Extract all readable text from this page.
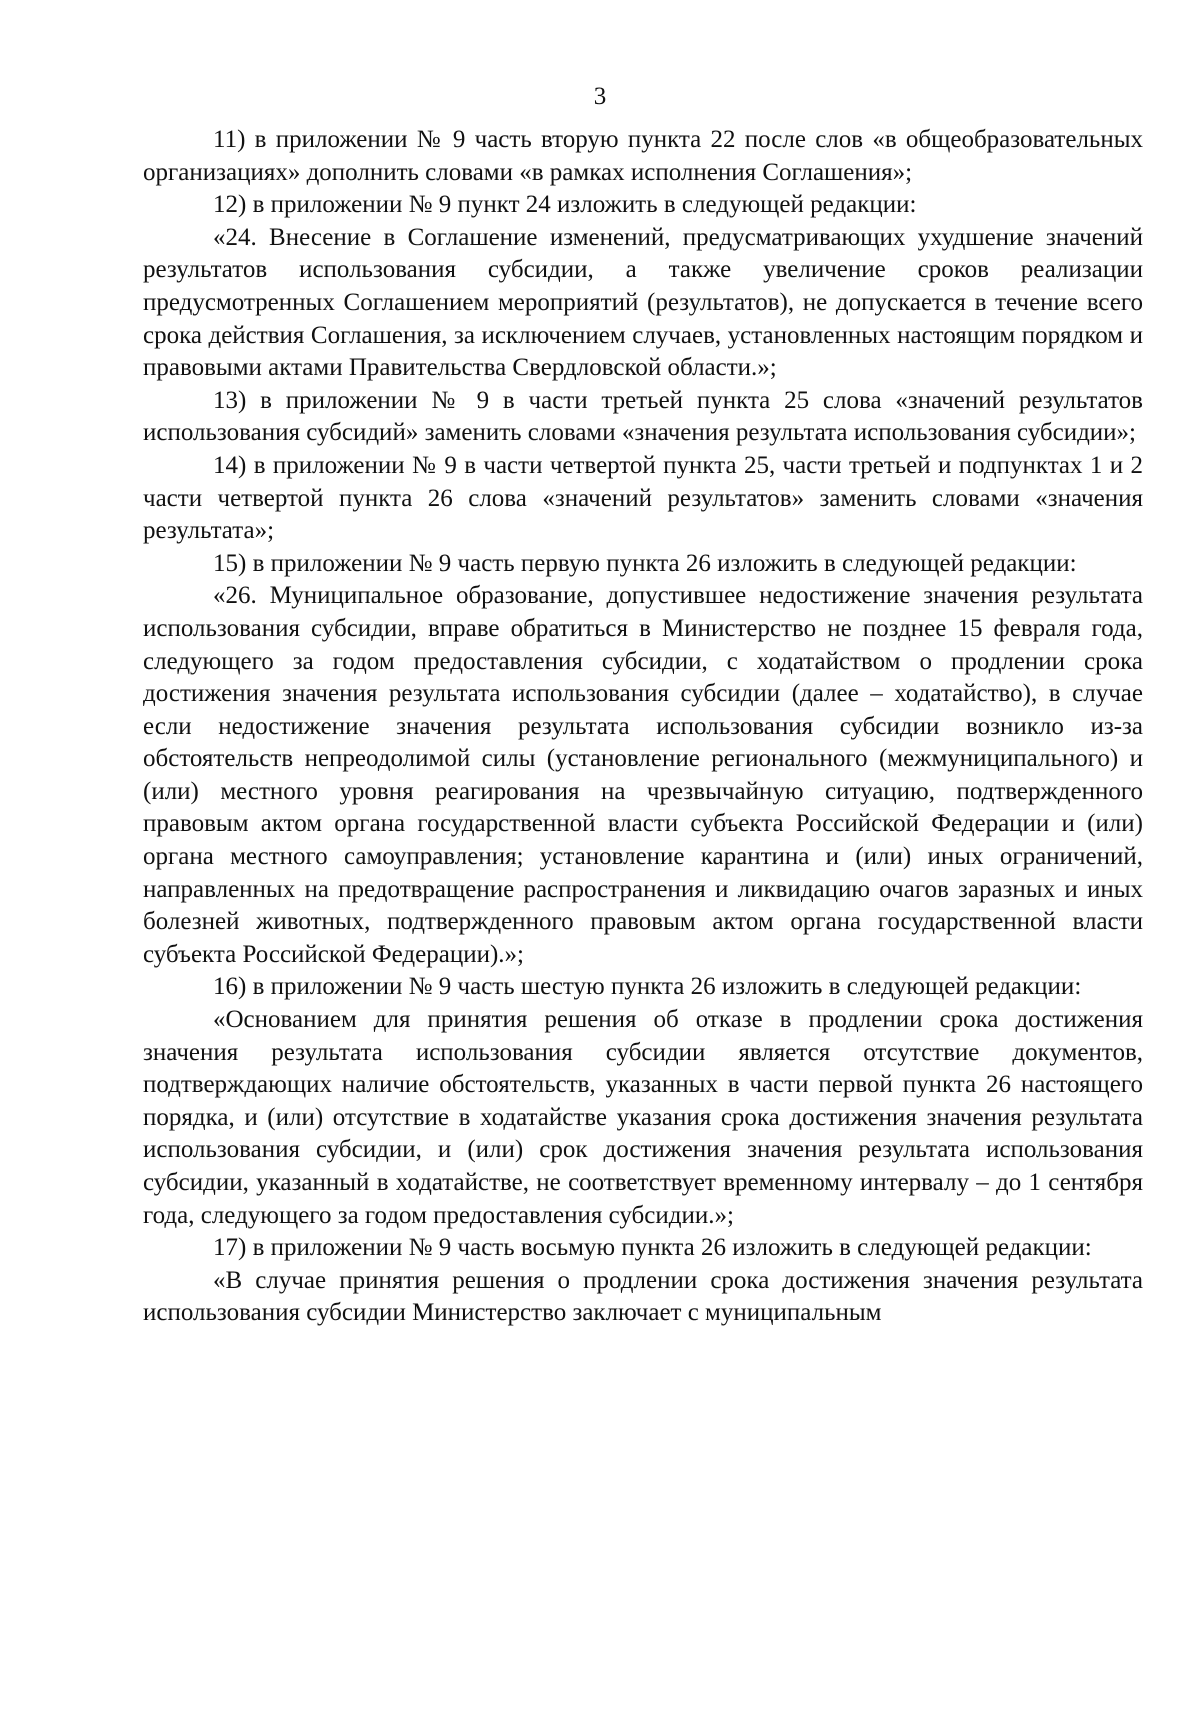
3

11) в приложении № 9 часть вторую пункта 22 после слов «в общеобразовательных организациях» дополнить словами «в рамках исполнения Соглашения»;

12) в приложении № 9 пункт 24 изложить в следующей редакции:

«24. Внесение в Соглашение изменений, предусматривающих ухудшение значений результатов использования субсидии, а также увеличение сроков реализации предусмотренных Соглашением мероприятий (результатов), не допускается в течение всего срока действия Соглашения, за исключением случаев, установленных настоящим порядком и правовыми актами Правительства Свердловской области.»;

13) в приложении № 9 в части третьей пункта 25 слова «значений результатов использования субсидий» заменить словами «значения результата использования субсидии»;

14) в приложении № 9 в части четвертой пункта 25, части третьей и подпунктах 1 и 2 части четвертой пункта 26 слова «значений результатов» заменить словами «значения результата»;

15) в приложении № 9 часть первую пункта 26 изложить в следующей редакции:

«26. Муниципальное образование, допустившее недостижение значения результата использования субсидии, вправе обратиться в Министерство не позднее 15 февраля года, следующего за годом предоставления субсидии, с ходатайством о продлении срока достижения значения результата использования субсидии (далее – ходатайство), в случае если недостижение значения результата использования субсидии возникло из-за обстоятельств непреодолимой силы (установление регионального (межмуниципального) и (или) местного уровня реагирования на чрезвычайную ситуацию, подтвержденного правовым актом органа государственной власти субъекта Российской Федерации и (или) органа местного самоуправления; установление карантина и (или) иных ограничений, направленных на предотвращение распространения и ликвидацию очагов заразных и иных болезней животных, подтвержденного правовым актом органа государственной власти субъекта Российской Федерации).»;

16) в приложении № 9 часть шестую пункта 26 изложить в следующей редакции:

«Основанием для принятия решения об отказе в продлении срока достижения значения результата использования субсидии является отсутствие документов, подтверждающих наличие обстоятельств, указанных в части первой пункта 26 настоящего порядка, и (или) отсутствие в ходатайстве указания срока достижения значения результата использования субсидии, и (или) срок достижения значения результата использования субсидии, указанный в ходатайстве, не соответствует временному интервалу – до 1 сентября года, следующего за годом предоставления субсидии.»;

17) в приложении № 9 часть восьмую пункта 26 изложить в следующей редакции:

«В случае принятия решения о продлении срока достижения значения результата использования субсидии Министерство заключает с муниципальным
